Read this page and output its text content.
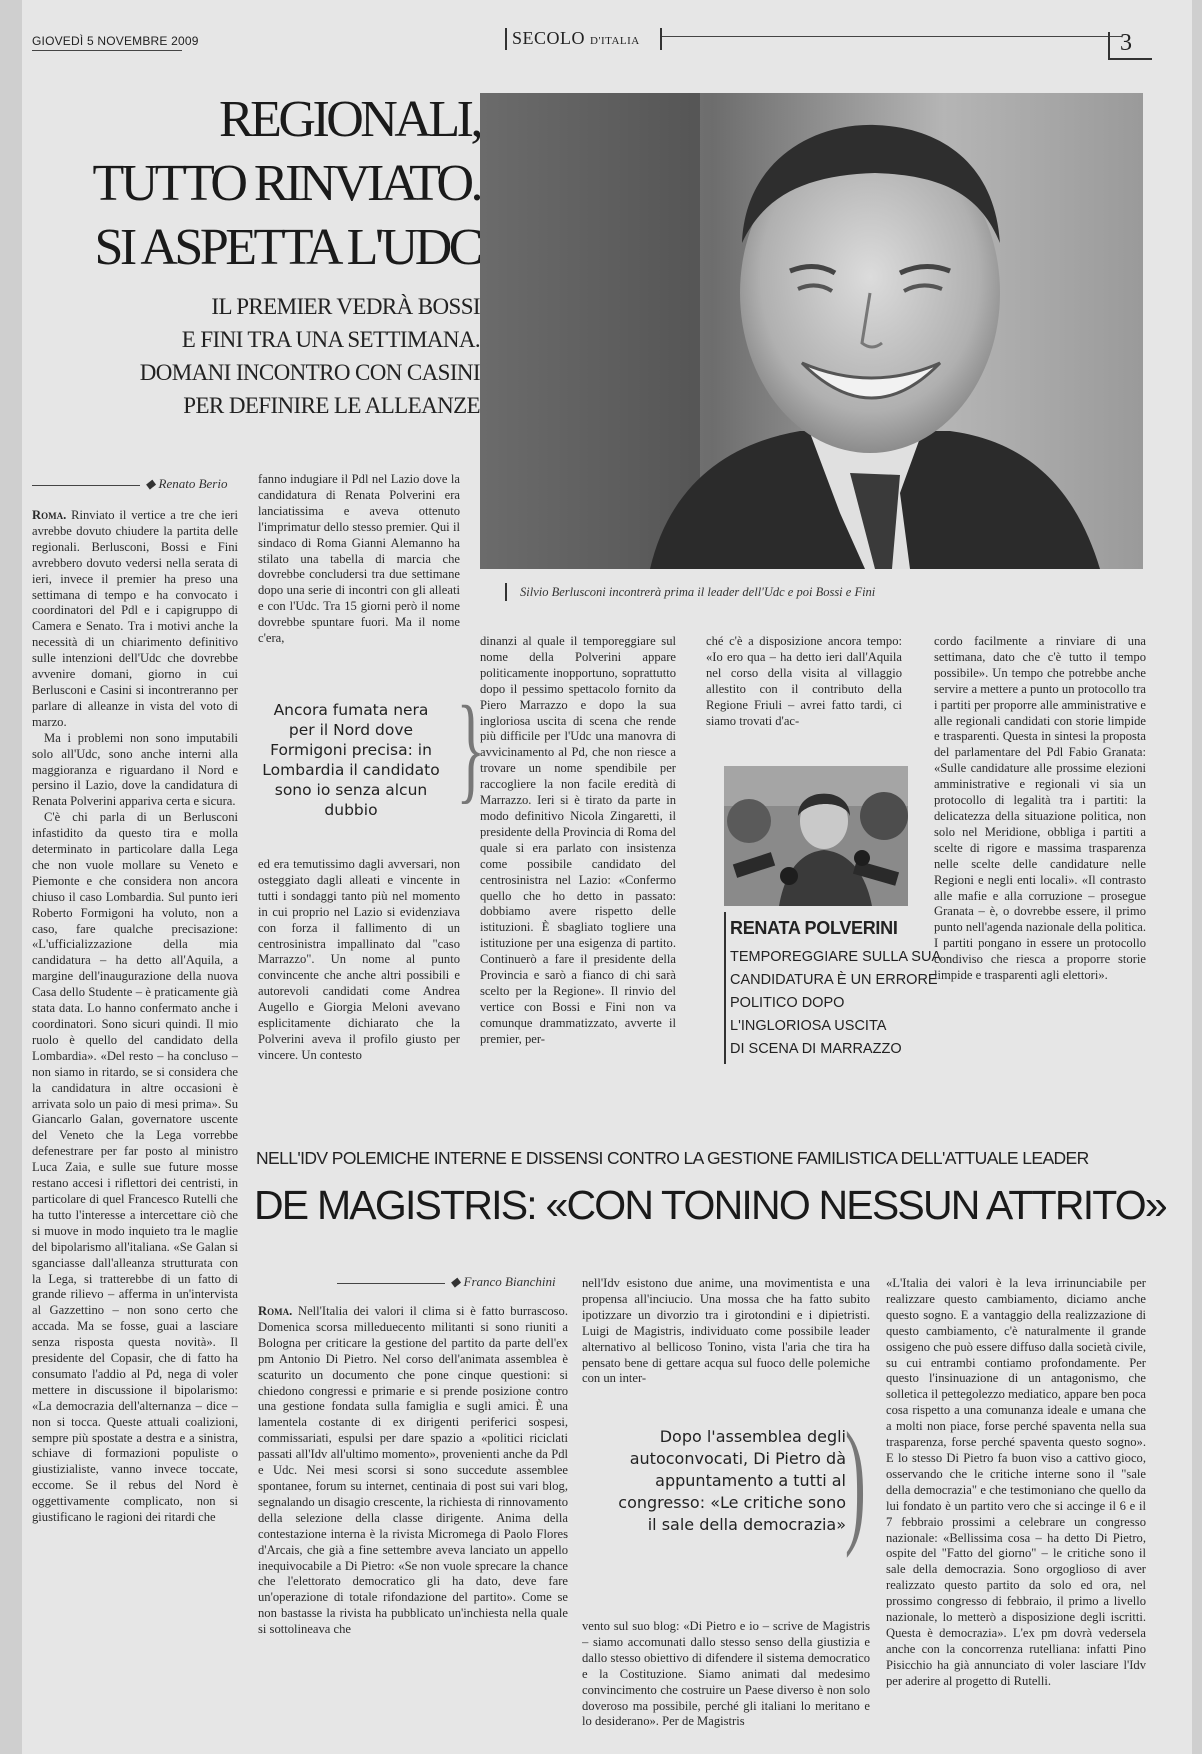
GIOVEDÌ 5 NOVEMBRE 2009	SECOLO D'ITALIA	3
REGIONALI,
TUTTO RINVIATO.
SI ASPETTA L'UDC
IL PREMIER VEDRÀ BOSSI
E FINI TRA UNA SETTIMANA.
DOMANI INCONTRO CON CASINI
PER DEFINIRE LE ALLEANZE
Silvio Berlusconi incontrerà prima il leader dell'Udc e poi Bossi e Fini
◆ Renato Berio

Roma. Rinviato il vertice a tre che ieri avrebbe dovuto chiudere la partita delle regionali. Berlusconi, Bossi e Fini avrebbero dovuto vedersi nella serata di ieri, invece il premier ha preso una settimana di tempo e ha convocato i coordinatori del Pdl e i capigruppo di Camera e Senato. Tra i motivi anche la necessità di un chiarimento definitivo sulle intenzioni dell'Udc che dovrebbe avvenire domani, giorno in cui Berlusconi e Casini si incontreranno per parlare di alleanze in vista del voto di marzo.

Ma i problemi non sono imputabili solo all'Udc, sono anche interni alla maggioranza e riguardano il Nord e persino il Lazio, dove la candidatura di Renata Polverini appariva certa e sicura.

C'è chi parla di un Berlusconi infastidito da questo tira e molla determinato in particolare dalla Lega che non vuole mollare su Veneto e Piemonte e che considera non ancora chiuso il caso Lombardia. Sul punto ieri Roberto Formigoni ha voluto, non a caso, fare qualche precisazione: «L'ufficializzazione della mia candidatura – ha detto all'Aquila, a margine dell'inaugurazione della nuova Casa dello Studente – è praticamente già stata data. Lo hanno confermato anche i coordinatori. Sono sicuri quindi. Il mio ruolo è quello del candidato della Lombardia». «Del resto – ha concluso – non siamo in ritardo, se si considera che la candidatura in altre occasioni è arrivata solo un paio di mesi prima». Su Giancarlo Galan, governatore uscente del Veneto che la Lega vorrebbe defenestrare per far posto al ministro Luca Zaia, e sulle sue future mosse restano accesi i riflettori dei centristi, in particolare di quel Francesco Rutelli che ha tutto l'interesse a intercettare ciò che si muove in modo inquieto tra le maglie del bipolarismo all'italiana. «Se Galan si sganciasse dall'alleanza strutturata con la Lega, si tratterebbe di un fatto di grande rilievo – afferma in un'intervista al Gazzettino – non sono certo che accada. Ma se fosse, guai a lasciare senza risposta questa novità». Il presidente del Copasir, che di fatto ha consumato l'addio al Pd, nega di voler mettere in discussione il bipolarismo: «La democrazia dell'alternanza – dice – non si tocca. Queste attuali coalizioni, sempre più spostate a destra e a sinistra, schiave di formazioni populiste o giustizialiste, vanno invece toccate, eccome. Se il rebus del Nord è oggettivamente complicato, non si giustificano le ragioni dei ritardi che

fanno indugiare il Pdl nel Lazio dove la candidatura di Renata Polverini era lanciatissima e aveva ottenuto l'imprimatur dello stesso premier. Qui il sindaco di Roma Gianni Alemanno ha stilato una tabella di marcia che dovrebbe concludersi tra due settimane dopo una serie di incontri con gli alleati e con l'Udc. Tra 15 giorni però il nome dovrebbe spuntare fuori. Ma il nome c'era,
Ancora fumata nera per il Nord dove Formigoni precisa: in Lombardia il candidato sono io senza alcun dubbio }
ed era temutissimo dagli avversari, non osteggiato dagli alleati e vincente in tutti i sondaggi tanto più nel momento in cui proprio nel Lazio si evidenziava con forza il fallimento di un centrosinistra impallinato dal "caso Marrazzo". Un nome al punto convincente che anche altri possibili e autorevoli candidati come Andrea Augello e Giorgia Meloni avevano esplicitamente dichiarato che la Polverini aveva il profilo giusto per vincere. Un contesto
dinanzi al quale il temporeggiare sul nome della Polverini appare politicamente inopportuno, soprattutto dopo il pessimo spettacolo fornito da Piero Marrazzo e dopo la sua ingloriosa uscita di scena che rende più difficile per l'Udc una manovra di avvicinamento al Pd, che non riesce a trovare un nome spendibile per raccogliere la non facile eredità di Marrazzo. Ieri si è tirato da parte in modo definitivo Nicola Zingaretti, il presidente della Provincia di Roma del quale si era parlato con insistenza come possibile candidato del centrosinistra nel Lazio: «Confermo quello che ho detto in passato: dobbiamo avere rispetto delle istituzioni. È sbagliato togliere una istituzione per una esigenza di partito. Continuerò a fare il presidente della Provincia e sarò a fianco di chi sarà scelto per la Regione». Il rinvio del vertice con Bossi e Fini non va comunque drammatizzato, avverte il premier, per-
ché c'è a disposizione ancora tempo: «Io ero qua – ha detto ieri dall'Aquila nel corso della visita al villaggio allestito con il contributo della Regione Friuli – avrei fatto tardi, ci siamo trovati d'ac-
RENATA POLVERINI
TEMPOREGGIARE SULLA SUA
CANDIDATURA È UN ERRORE
POLITICO DOPO
L'INGLORIOSA USCITA
DI SCENA DI MARRAZZO
cordo facilmente a rinviare di una settimana, dato che c'è tutto il tempo possibile». Un tempo che potrebbe anche servire a mettere a punto un protocollo tra i partiti per proporre alle amministrative e alle regionali candidati con storie limpide e trasparenti. Questa in sintesi la proposta del parlamentare del Pdl Fabio Granata: «Sulle candidature alle prossime elezioni amministrative e regionali vi sia un protocollo di legalità tra i partiti: la delicatezza della situazione politica, non solo nel Meridione, obbliga i partiti a scelte di rigore e massima trasparenza nelle scelte delle candidature nelle Regioni e negli enti locali». «Il contrasto alle mafie e alla corruzione – prosegue Granata – è, o dovrebbe essere, il primo punto nell'agenda nazionale della politica. I partiti pongano in essere un protocollo condiviso che riesca a proporre storie limpide e trasparenti agli elettori».
NELL'IDV POLEMICHE INTERNE E DISSENSI CONTRO LA GESTIONE FAMILISTICA DELL'ATTUALE LEADER
DE MAGISTRIS: «CON TONINO NESSUN ATTRITO»
◆ Franco Bianchini

Roma. Nell'Italia dei valori il clima si è fatto burrascoso. Domenica scorsa milleduecento militanti si sono riuniti a Bologna per criticare la gestione del partito da parte dell'ex pm Antonio Di Pietro. Nel corso dell'animata assemblea è scaturito un documento che pone cinque questioni: si chiedono congressi e primarie e si prende posizione contro una gestione fondata sulla famiglia e sugli amici. È una lamentela costante di ex dirigenti periferici sospesi, commissariati, espulsi per dare spazio a «politici riciclati passati all'Idv all'ultimo momento», provenienti anche da Pdl e Udc. Nei mesi scorsi si sono succedute assemblee spontanee, forum su internet, centinaia di post sui vari blog, segnalando un disagio crescente, la richiesta di rinnovamento della selezione della classe dirigente. Anima della contestazione interna è la rivista Micromega di Paolo Flores d'Arcais, che già a fine settembre aveva lanciato un appello inequivocabile a Di Pietro: «Se non vuole sprecare la chance che l'elettorato democratico gli ha dato, deve fare un'operazione di totale rifondazione del partito». Come se non bastasse la rivista ha pubblicato un'inchiesta nella quale si sottolineava che

nell'Idv esistono due anime, una movimentista e una propensa all'inciucio. Una mossa che ha fatto subito ipotizzare un divorzio tra i girotondini e i dipietristi. Luigi de Magistris, individuato come possibile leader alternativo al bellicoso Tonino, vista l'aria che tira ha pensato bene di gettare acqua sul fuoco delle polemiche con un inter-
Dopo l'assemblea degli autoconvocati, Di Pietro dà appuntamento a tutti al congresso: «Le critiche sono il sale della democrazia»
)
vento sul suo blog: «Di Pietro e io – scrive de Magistris – siamo accomunati dallo stesso senso della giustizia e dallo stesso obiettivo di difendere il sistema democratico e la Costituzione. Siamo animati dal medesimo convincimento che costruire un Paese diverso è non solo doveroso ma possibile, perché gli italiani lo meritano e lo desiderano». Per de Magistris
«L'Italia dei valori è la leva irrinunciabile per realizzare questo cambiamento, diciamo anche questo sogno. E a vantaggio della realizzazione di questo cambiamento, c'è naturalmente il grande ossigeno che può essere diffuso dalla società civile, su cui entrambi contiamo profondamente. Per questo l'insinuazione di un antagonismo, che solletica il pettegolezzo mediatico, appare ben poca cosa rispetto a una comunanza ideale e umana che a molti non piace, forse perché spaventa nella sua trasparenza, forse perché spaventa questo sogno». E lo stesso Di Pietro fa buon viso a cattivo gioco, osservando che le critiche interne sono il "sale della democrazia" e che testimoniano che quello da lui fondato è un partito vero che si accinge il 6 e il 7 febbraio prossimi a celebrare un congresso nazionale: «Bellissima cosa – ha detto Di Pietro, ospite del "Fatto del giorno" – le critiche sono il sale della democrazia. Sono orgoglioso di aver realizzato questo partito da solo ed ora, nel prossimo congresso di febbraio, il primo a livello nazionale, lo metterò a disposizione degli iscritti. Questa è democrazia». L'ex pm dovrà vedersela anche con la concorrenza rutelliana: infatti Pino Pisicchio ha già annunciato di voler lasciare l'Idv per aderire al progetto di Rutelli.
